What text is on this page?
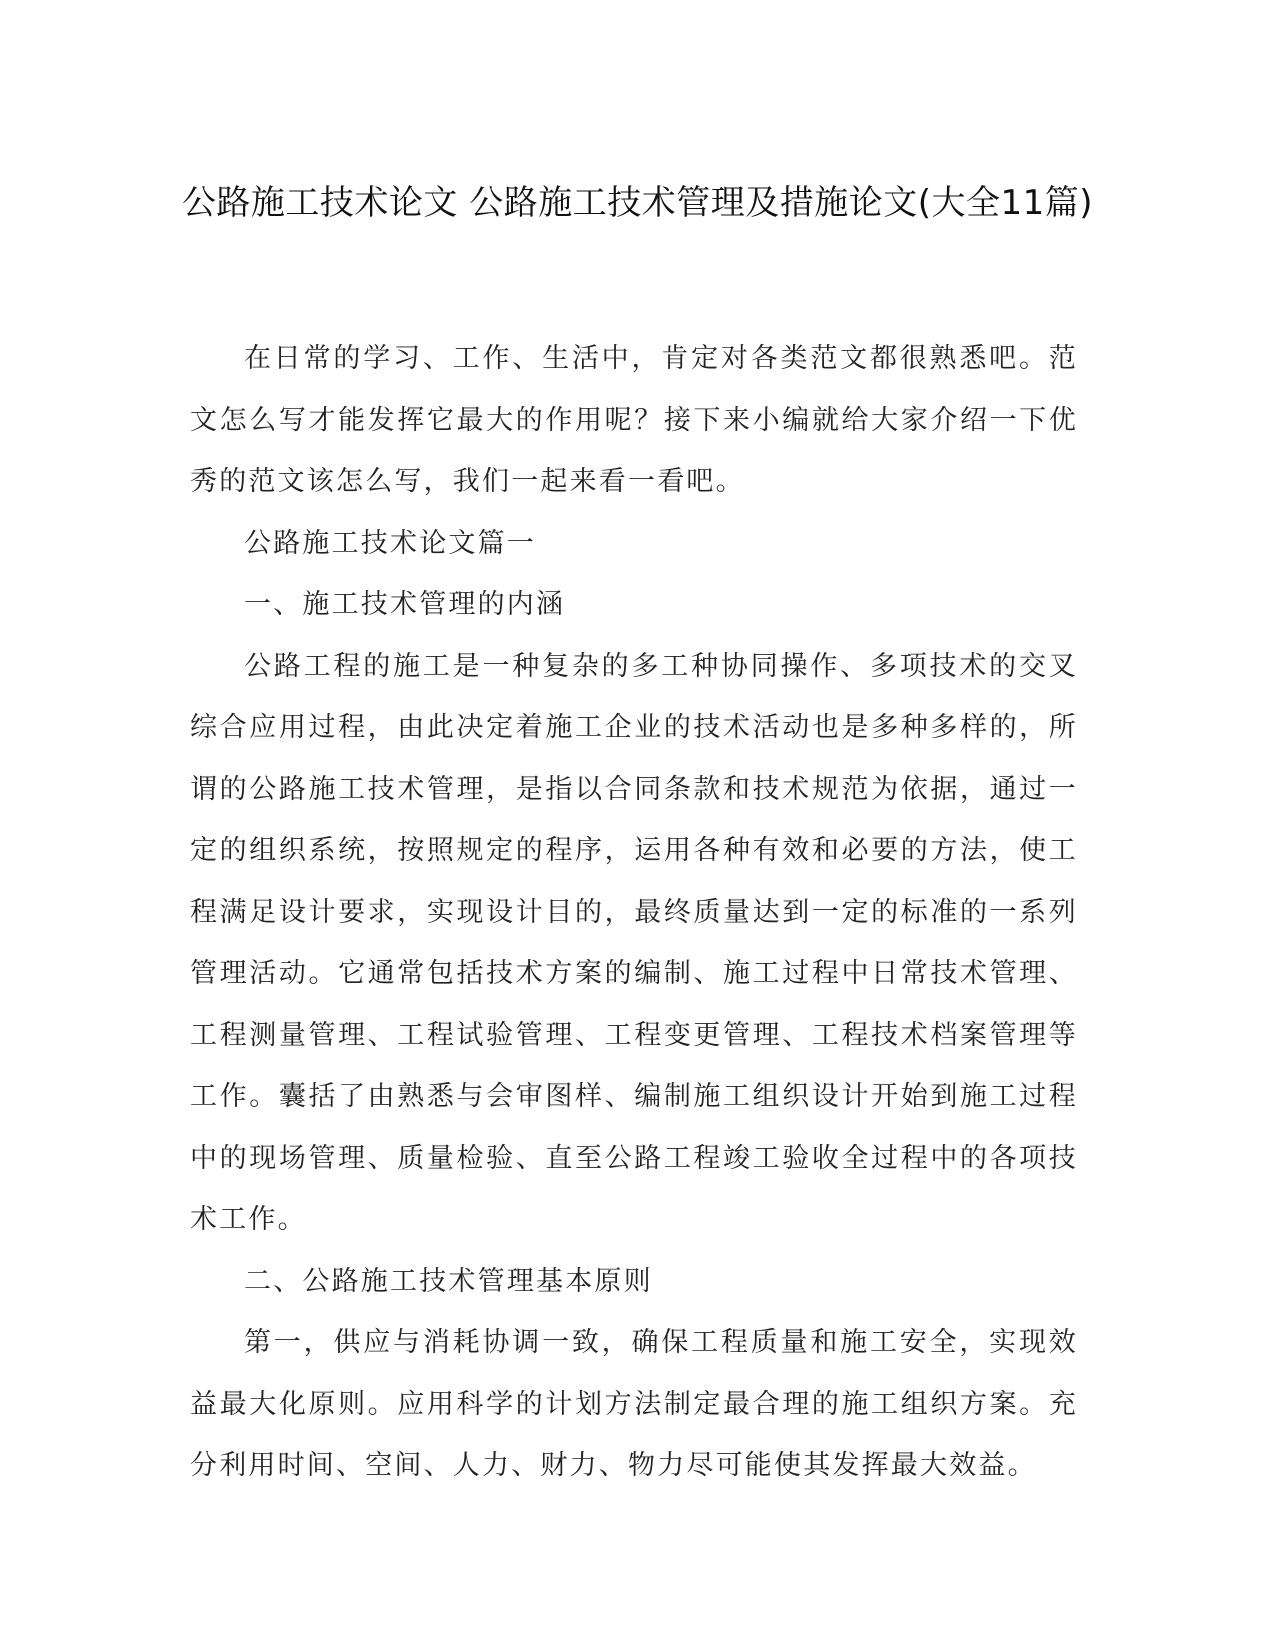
公路施工技术论文 公路施工技术管理及措施论文(大全11篇)

在日常的学习、工作、生活中，肯定对各类范文都很熟悉吧。范文怎么写才能发挥它最大的作用呢？接下来小编就给大家介绍一下优秀的范文该怎么写，我们一起来看一看吧。

公路施工技术论文篇一

一、施工技术管理的内涵

公路工程的施工是一种复杂的多工种协同操作、多项技术的交叉综合应用过程，由此决定着施工企业的技术活动也是多种多样的，所谓的公路施工技术管理，是指以合同条款和技术规范为依据，通过一定的组织系统，按照规定的程序，运用各种有效和必要的方法，使工程满足设计要求，实现设计目的，最终质量达到一定的标准的一系列管理活动。它通常包括技术方案的编制、施工过程中日常技术管理、工程测量管理、工程试验管理、工程变更管理、工程技术档案管理等工作。囊括了由熟悉与会审图样、编制施工组织设计开始到施工过程中的现场管理、质量检验、直至公路工程竣工验收全过程中的各项技术工作。

二、公路施工技术管理基本原则

第一，供应与消耗协调一致，确保工程质量和施工安全，实现效益最大化原则。应用科学的计划方法制定最合理的施工组织方案。充分利用时间、空间、人力、财力、物力尽可能使其发挥最大效益。
